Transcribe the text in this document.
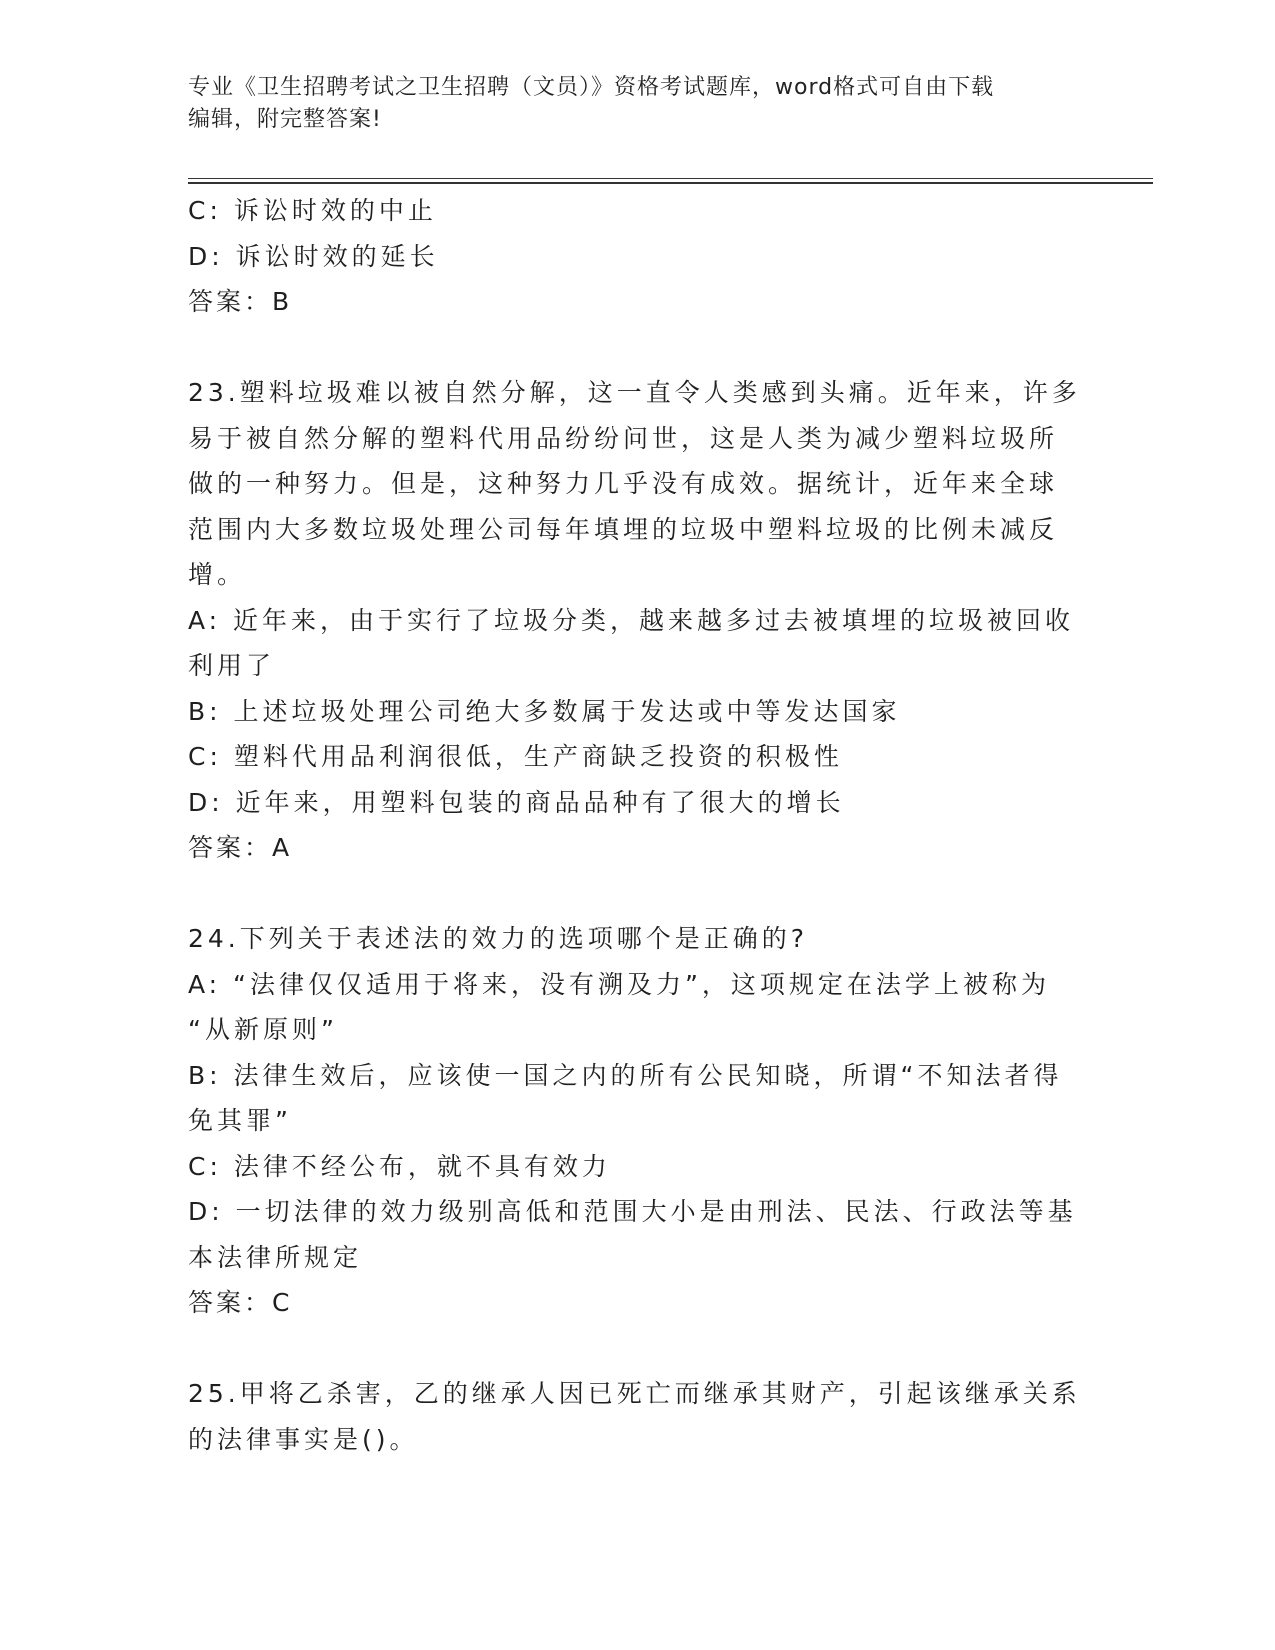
专业《卫生招聘考试之卫生招聘（文员）》资格考试题库，word格式可自由下载
编辑，附完整答案!

C: 诉讼时效的中止

D: 诉讼时效的延长

答案：B

23.塑料垃圾难以被自然分解，这一直令人类感到头痛。近年来，许多

易于被自然分解的塑料代用品纷纷问世，这是人类为减少塑料垃圾所

做的一种努力。但是，这种努力几乎没有成效。据统计，近年来全球

范围内大多数垃圾处理公司每年填埋的垃圾中塑料垃圾的比例未减反

增。

A: 近年来，由于实行了垃圾分类，越来越多过去被填埋的垃圾被回收

利用了

B: 上述垃圾处理公司绝大多数属于发达或中等发达国家

C: 塑料代用品利润很低，生产商缺乏投资的积极性

D: 近年来，用塑料包装的商品品种有了很大的增长

答案：A

24.下列关于表述法的效力的选项哪个是正确的?

A: “法律仅仅适用于将来，没有溯及力”，这项规定在法学上被称为

“从新原则”

B: 法律生效后，应该使一国之内的所有公民知晓，所谓“不知法者得

免其罪”

C: 法律不经公布，就不具有效力

D: 一切法律的效力级别高低和范围大小是由刑法、民法、行政法等基

本法律所规定

答案：C

25.甲将乙杀害，乙的继承人因已死亡而继承其财产，引起该继承关系

的法律事实是()。
